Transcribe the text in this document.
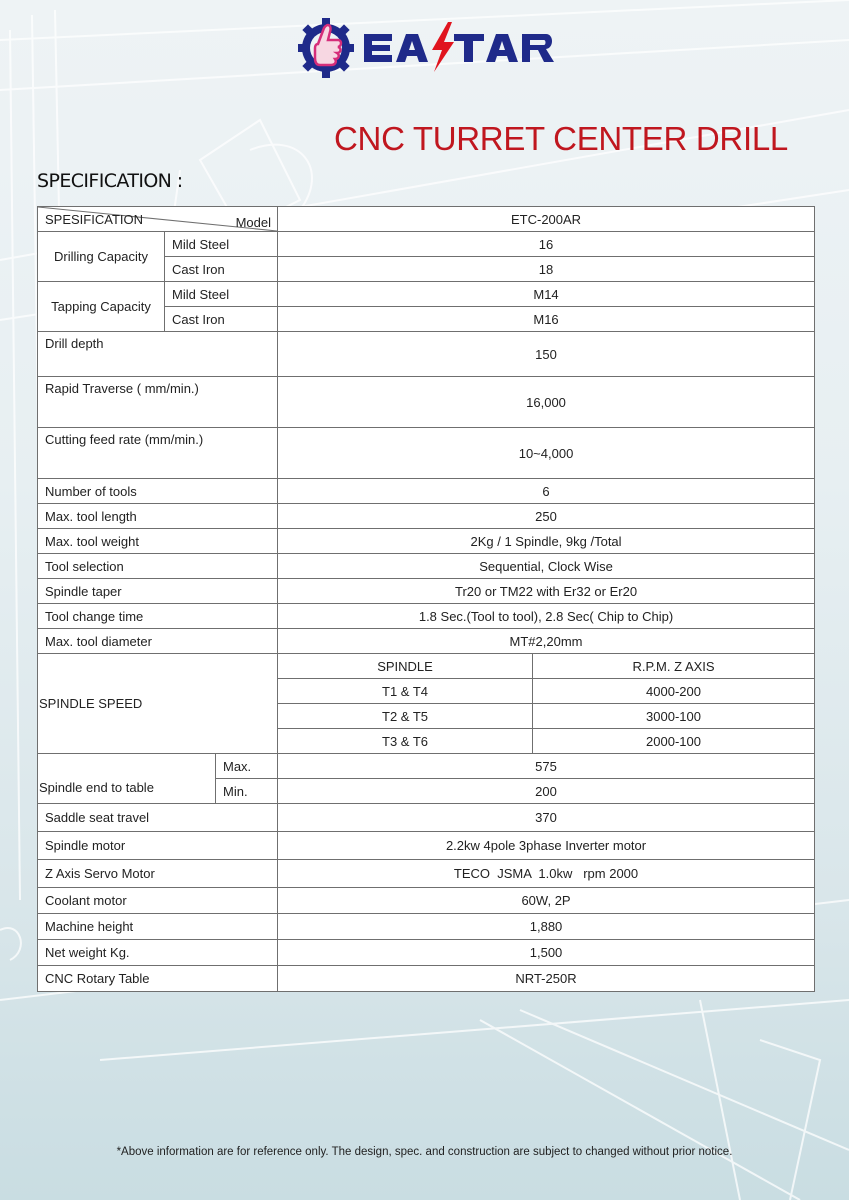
CNC TURRET CENTER DRILL
SPECIFICATION :
Model
SPESIFICATION			ETC-200AR	
Drilling Capacity	Mild Steel		16	
	Cast Iron		18	
Tapping Capacity	Mild Steel		M14	
	Cast Iron		M16	
Drill depth			150	
Rapid Traverse ( mm/min.)			16,000	
Cutting feed rate (mm/min.)			10~4,000	
Number of tools			6	
Max. tool length			250	
Max. tool weight			2Kg / 1 Spindle, 9kg /Total	
Tool selection			Sequential, Clock Wise	
Spindle taper			Tr20 or TM22 with Er32 or Er20	
Tool change time			1.8 Sec.(Tool to tool), 2.8 Sec( Chip to Chip)	
Max. tool diameter			MT#2,20mm	
SPINDLE SPEED			SPINDLE	R.P.M. Z AXIS
			T1 & T4	4000-200
			T2 & T5	3000-100
			T3 & T6	2000-100
Spindle end to table		Max.	575	
		Min.	200	
Saddle seat travel			370	
Spindle motor			2.2kw 4pole 3phase Inverter motor	
Z Axis Servo Motor			TECO  JSMA  1.0kw   rpm 2000	
Coolant motor			60W, 2P	
Machine height			1,880	
Net weight Kg.			1,500	
CNC Rotary Table			NRT-250R	
*Above information are for reference only. The design, spec. and construction are subject to changed without prior notice.
